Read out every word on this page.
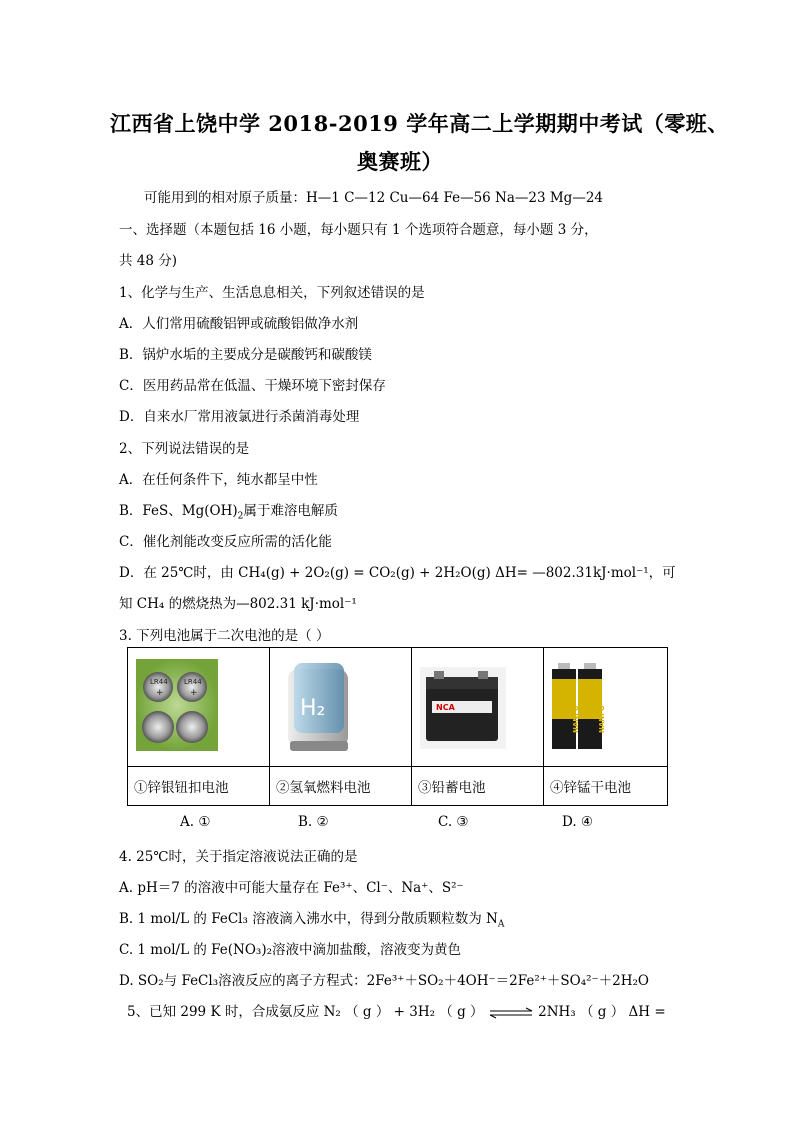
江西省上饶中学 2018-2019 学年高二上学期期中考试（零班、
奥赛班）
可能用到的相对原子质量：H—1 C—12 Cu—64 Fe—56 Na—23 Mg—24
一、选择题（本题包括 16 小题，每小题只有 1 个选项符合题意，每小题 3 分，
共 48 分)
1、化学与生产、生活息息相关，下列叙述错误的是
A．人们常用硫酸铝钾或硫酸铝做净水剂
B．锅炉水垢的主要成分是碳酸钙和碳酸镁
C．医用药品常在低温、干燥环境下密封保存
D．自来水厂常用液氯进行杀菌消毒处理
2、下列说法错误的是
A．在任何条件下，纯水都呈中性
B．FeS、$Mg(OH)_2$属于难溶电解质
C．催化剂能改变反应所需的活化能
D．在 25℃时，由 CH₄(g) + 2O₂(g) = CO₂(g) + 2H₂O(g) ΔH= —802.31kJ·mol⁻¹，可
知 CH₄ 的燃烧热为—802.31 kJ·mol⁻¹
3. 下列电池属于二次电池的是（ ）
LR44 LR44
+ +	H₂	NCA	NANFU NANFU

①锌银钮扣电池	②氢氧燃料电池	③铅蓄电池	④锌锰干电池
A. ①	B. ②	C. ③	D. ④
4. 25℃时，关于指定溶液说法正确的是
A. pH＝7 的溶液中可能大量存在 Fe³⁺、Cl⁻、Na⁺、S²⁻
B. 1 mol/L 的 FeCl₃ 溶液滴入沸水中，得到分散质颗粒数为 $N_A$
C. 1 mol/L 的 Fe(NO₃)₂溶液中滴加盐酸，溶液变为黄色
D. SO₂与 FeCl₃溶液反应的离子方程式：2Fe³⁺＋SO₂＋4OH⁻＝2Fe²⁺＋SO₄²⁻＋2H₂O
5、已知 299 K 时，合成氨反应 N₂ （ g ） + 3H₂ （ g ） ⇌ 2NH₃ （ g ） ΔH =
